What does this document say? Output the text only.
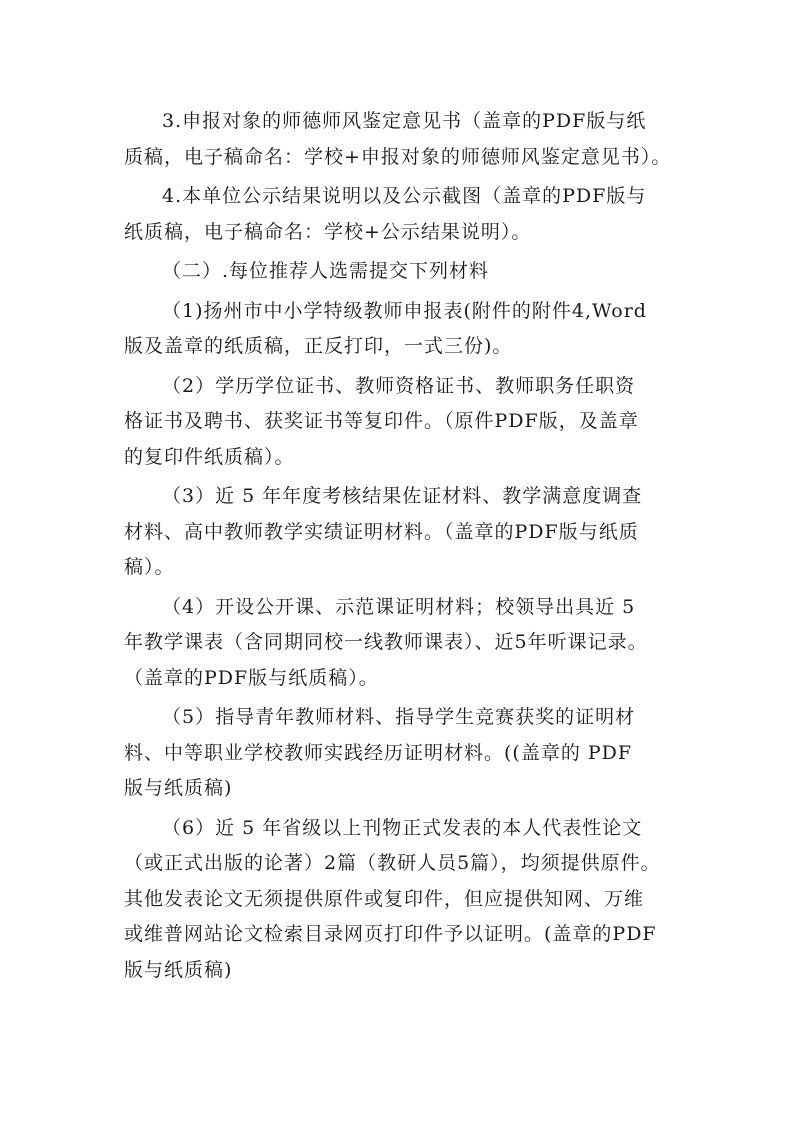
3.申报对象的师德师风鉴定意见书（盖章的PDF版与纸
质稿，电子稿命名：学校+申报对象的师德师风鉴定意见书）。

4.本单位公示结果说明以及公示截图（盖章的PDF版与
纸质稿，电子稿命名：学校+公示结果说明）。

（二）.每位推荐人选需提交下列材料

（1)扬州市中小学特级教师申报表(附件的附件4,Word
版及盖章的纸质稿，正反打印，一式三份)。

（2）学历学位证书、教师资格证书、教师职务任职资
格证书及聘书、获奖证书等复印件。（原件PDF版，及盖章
的复印件纸质稿）。

（3）近 5 年年度考核结果佐证材料、教学满意度调查
材料、高中教师教学实绩证明材料。（盖章的PDF版与纸质
稿）。

（4）开设公开课、示范课证明材料；校领导出具近 5
年教学课表（含同期同校一线教师课表）、近5年听课记录。
（盖章的PDF版与纸质稿）。

（5）指导青年教师材料、指导学生竞赛获奖的证明材
料、中等职业学校教师实践经历证明材料。((盖章的 PDF
版与纸质稿)

（6）近 5 年省级以上刊物正式发表的本人代表性论文
（或正式出版的论著）2篇（教研人员5篇），均须提供原件。
其他发表论文无须提供原件或复印件，但应提供知网、万维
或维普网站论文检索目录网页打印件予以证明。(盖章的PDF
版与纸质稿)
